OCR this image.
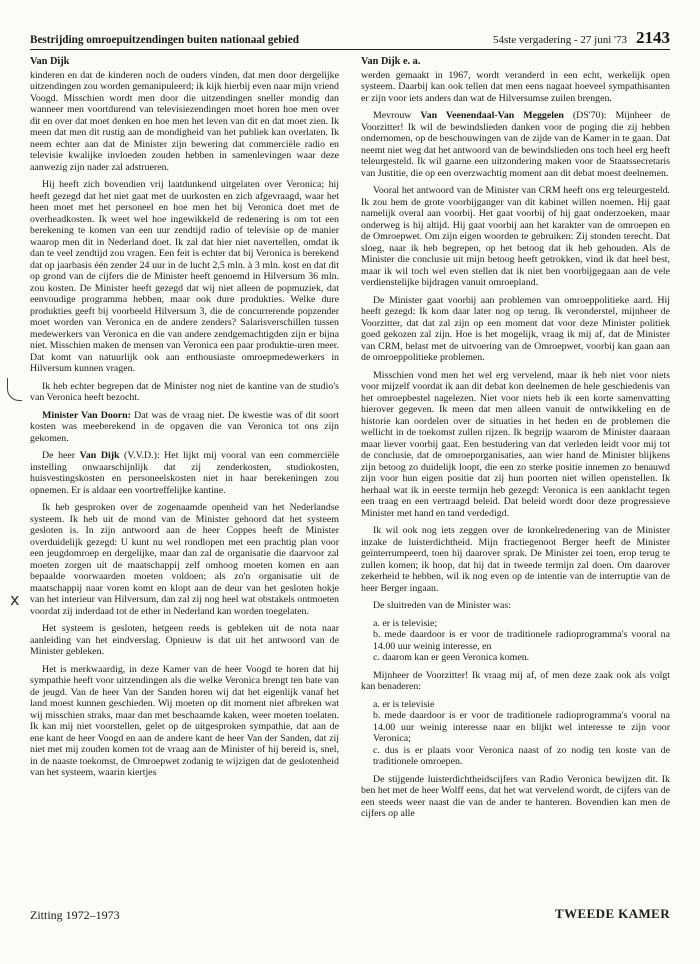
Bestrijding omroepuitzendingen buiten nationaal gebied	54ste vergadering - 27 juni '73 2143
Van Dijk

kinderen en dat de kinderen noch de ouders vinden, dat men door dergelijke uitzendingen zou worden gemanipuleerd; ik kijk hierbij even naar mijn vriend Voogd. Misschien wordt men door die uitzendingen sneller mondig dan wanneer men voortdurend van televisiezendingen moet horen hoe men over dit en over dat moet denken en hoe men het leven van dit en dat moet zien. Ik meen dat men dit rustig aan de mondigheid van het publiek kan overlaten. Ik neem echter aan dat de Minister zijn bewering dat commerciële radio en televisie kwalijke invloeden zouden hebben in samenlevingen waar deze aanwezig zijn nader zal adstrueren.

Hij heeft zich bovendien vrij laatdunkend uitgelaten over Veronica; hij heeft gezegd dat het niet gaat met de uurkosten en zich afgevraagd, waar het heen moet met het personeel en hoe men het bij Veronica doet met de overheadkosten. Ik weet wel hoe ingewikkeld de redenering is om tot een berekening te komen van een uur zendtijd radio of televisie op de manier waarop men dit in Nederland doet. Ik zal dat hier niet navertellen, omdat ik dan te veel zendtijd zou vragen. Een feit is echter dat bij Veronica is berekend dat op jaarbasis één zender 24 uur in de lucht 2,5 mln. à 3 mln. kost en dat dit op grond van de cijfers die de Minister heeft genoemd in Hilversum 36 mln. zou kosten. De Minister heeft gezegd dat wij niet alleen de popmuziek, dat eenvoudige programma hebben, maar ook dure produkties. Welke dure produkties geeft bij voorbeeld Hilversum 3, die de concurrerende popzender moet worden van Veronica en de andere zenders? Salarisverschillen tussen medewerkers van Veronica en die van andere zendgemachtigden zijn er bijna niet. Misschien maken de mensen van Veronica een paar produktie-uren meer. Dat komt van natuurlijk ook aan enthousiaste omroepmedewerkers in Hilversum kunnen vragen.

Ik heb echter begrepen dat de Minister nog niet de kantine van de studio's van Veronica heeft bezocht.

Minister Van Doorn: Dat was de vraag niet. De kwestie was of dit soort kosten was meeberekend in de opgaven die van Veronica tot ons zijn gekomen.

De heer Van Dijk (V.V.D.): Het lijkt mij vooral van een commerciële instelling onwaarschijnlijk dat zij zenderkosten, studiokosten, huisvestingskosten en personeelskosten niet in haar berekeningen zou opnemen. Er is aldaar een voortreffelijke kantine.

Ik heb gesproken over de zogenaamde openheid van het Nederlandse systeem. Ik heb uit de mond van de Minister gehoord dat het systeem gesloten is. In zijn antwoord aan de heer Coppes heeft de Minister overduidelijk gezegd: U kunt nu wel rondlopen met een prachtig plan voor een jeugdomroep en dergelijke, maar dan zal de organisatie die daarvoor zal moeten zorgen uit de maatschappij zelf omhoog moeten komen en aan bepaalde voorwaarden moeten voldoen; als zo'n organisatie uit de maatschappij naar voren komt en klopt aan de deur van het gesloten hokje van het interieur van Hilversum, dan zal zij nog heel wat obstakels ontmoeten voordat zij inderdaad tot de ether in Nederland kan worden toegelaten.

Het systeem is gesloten, hetgeen reeds is gebleken uit de nota naar aanleiding van het eindverslag. Opnieuw is dat uit het antwoord van de Minister gebleken.

Het is merkwaardig, in deze Kamer van de heer Voogd te horen dat hij sympathie heeft voor uitzendingen als die welke Veronica brengt ten bate van de jeugd. Van de heer Van der Sanden horen wij dat het eigenlijk vanaf het land moest kunnen geschieden. Wij moeten op dit moment niet afbreken wat wij misschien straks, maar dan met beschaamde kaken, weer moeten toelaten. Ik kan mij niet voorstellen, gelet op de uitgesproken sympathie, dat aan de ene kant de heer Voogd en aan de andere kant de heer Van der Sanden, dat zij niet met mij zouden komen tot de vraag aan de Minister of hij bereid is, snel, in de naaste toekomst, de Omroepwet zodanig te wijzigen dat de geslotenheid van het systeem, waarin kiertjes

Van Dijk e. a.

werden gemaakt in 1967, wordt veranderd in een echt, werkelijk open systeem. Daarbij kan ook tellen dat men eens nagaat hoeveel sympathisanten er zijn voor iets anders dan wat de Hilversumse zuilen brengen.

Mevrouw Van Veenendaal-Van Meggelen (DS'70): Mijnheer de Voorzitter! Ik wil de bewindslieden danken voor de poging die zij hebben ondernomen, op de beschouwingen van de zijde van de Kamer in te gaan. Dat neemt niet weg dat het antwoord van de bewindslieden ons toch heel erg heeft teleurgesteld. Ik wil gaarne een uitzondering maken voor de Staatssecretaris van Justitie, die op een overzwachtig moment aan dit debat moest deelnemen.

Vooral het antwoord van de Minister van CRM heeft ons erg teleurgesteld. Ik zou hem de grote voorbijganger van dit kabinet willen noemen. Hij gaat namelijk overal aan voorbij. Het gaat voorbij of hij gaat onderzoeken, maar onderweg is hij altijd. Hij gaat voorbij aan het karakter van de omroepen en de Omroepwet. Om zijn eigen woorden te gebruiken: Zij stonden terecht. Dat sloeg, naar ik heb begrepen, op het betoog dat ik heb gehouden. Als de Minister die conclusie uit mijn betoog heeft getrokken, vind ik dat heel best, maar ik wil toch wel even stellen dat ik niet ben voorbijgegaan aan de vele verdienstelijke bijdragen vanuit omroepland.

De Minister gaat voorbij aan problemen van omroeppolitieke aard. Hij heeft gezegd: Ik kom daar later nog op terug. Ik veronderstel, mijnheer de Voorzitter, dat dat zal zijn op een moment dat voor deze Minister politiek goed gekozen zal zijn. Hoe is het mogelijk, vraag ik mij af, dat de Minister van CRM, belast met de uitvoering van de Omroepwet, voorbij kan gaan aan de omroeppolitieke problemen.

Misschien vond men het wel erg vervelend, maar ik heb niet voor niets voor mijzelf voordat ik aan dit debat kon deelnemen de hele geschiedenis van het omroepbestel nagelezen. Niet voor niets heb ik een korte samenvatting hierover gegeven. Ik meen dat men alleen vanuit de ontwikkeling en de historie kan oordelen over de situaties in het heden en de problemen die wellicht in de toekomst zullen rijzen. Ik begrijp waarom de Minister daaraan maar liever voorbij gaat. Een bestudering van dat verleden leidt voor mij tot de conclusie, dat de omroeporganisaties, aan wier hand de Minister blijkens zijn betoog zo duidelijk loopt, die een zo sterke positie innemen zo benauwd zijn voor hun eigen positie dat zij hun poorten niet willen openstellen. Ik herhaal wat ik in eerste termijn heb gezegd: Veronica is een aanklacht tegen een traag en een vertraagd beleid. Dat beleid wordt door deze progressieve Minister met hand en tand verdedigd.

Ik wil ook nog iets zeggen over de kronkelredenering van de Minister inzake de luisterdichtheid. Mijn fractiegenoot Berger heeft de Minister geïnterrumpeerd, toen hij daarover sprak. De Minister zei toen, erop terug te zullen komen; ik hoop, dat hij dat in tweede termijn zal doen. Om daarover zekerheid te hebben, wil ik nog even op de intentie van de interruptie van de heer Berger ingaan.

De sluitreden van de Minister was:

a. er is televisie;

b. mede daardoor is er voor de traditionele radioprogramma's vooral na 14.00 uur weinig interesse, en

c. daarom kan er geen Veronica komen.

Mijnheer de Voorzitter! Ik vraag mij af, of men deze zaak ook als volgt kan benaderen:

a. er is televisie

b. mede daardoor is er voor de traditionele radioprogramma's vooral na 14.00 uur weinig interesse naar en blijkt wel interesse te zijn voor Veronica;

c. dus is er plaats voor Veronica naast of zo nodig ten koste van de traditionele omroepen.

De stijgende luisterdichtheidscijfers van Radio Veronica bewijzen dit. Ik ben het met de heer Wolff eens, dat het wat vervelend wordt, de cijfers van de een steeds weer naast die van de ander te hanteren. Bovendien kan men de cijfers op alle

x
Zitting 1972–1973	TWEEDE KAMER
